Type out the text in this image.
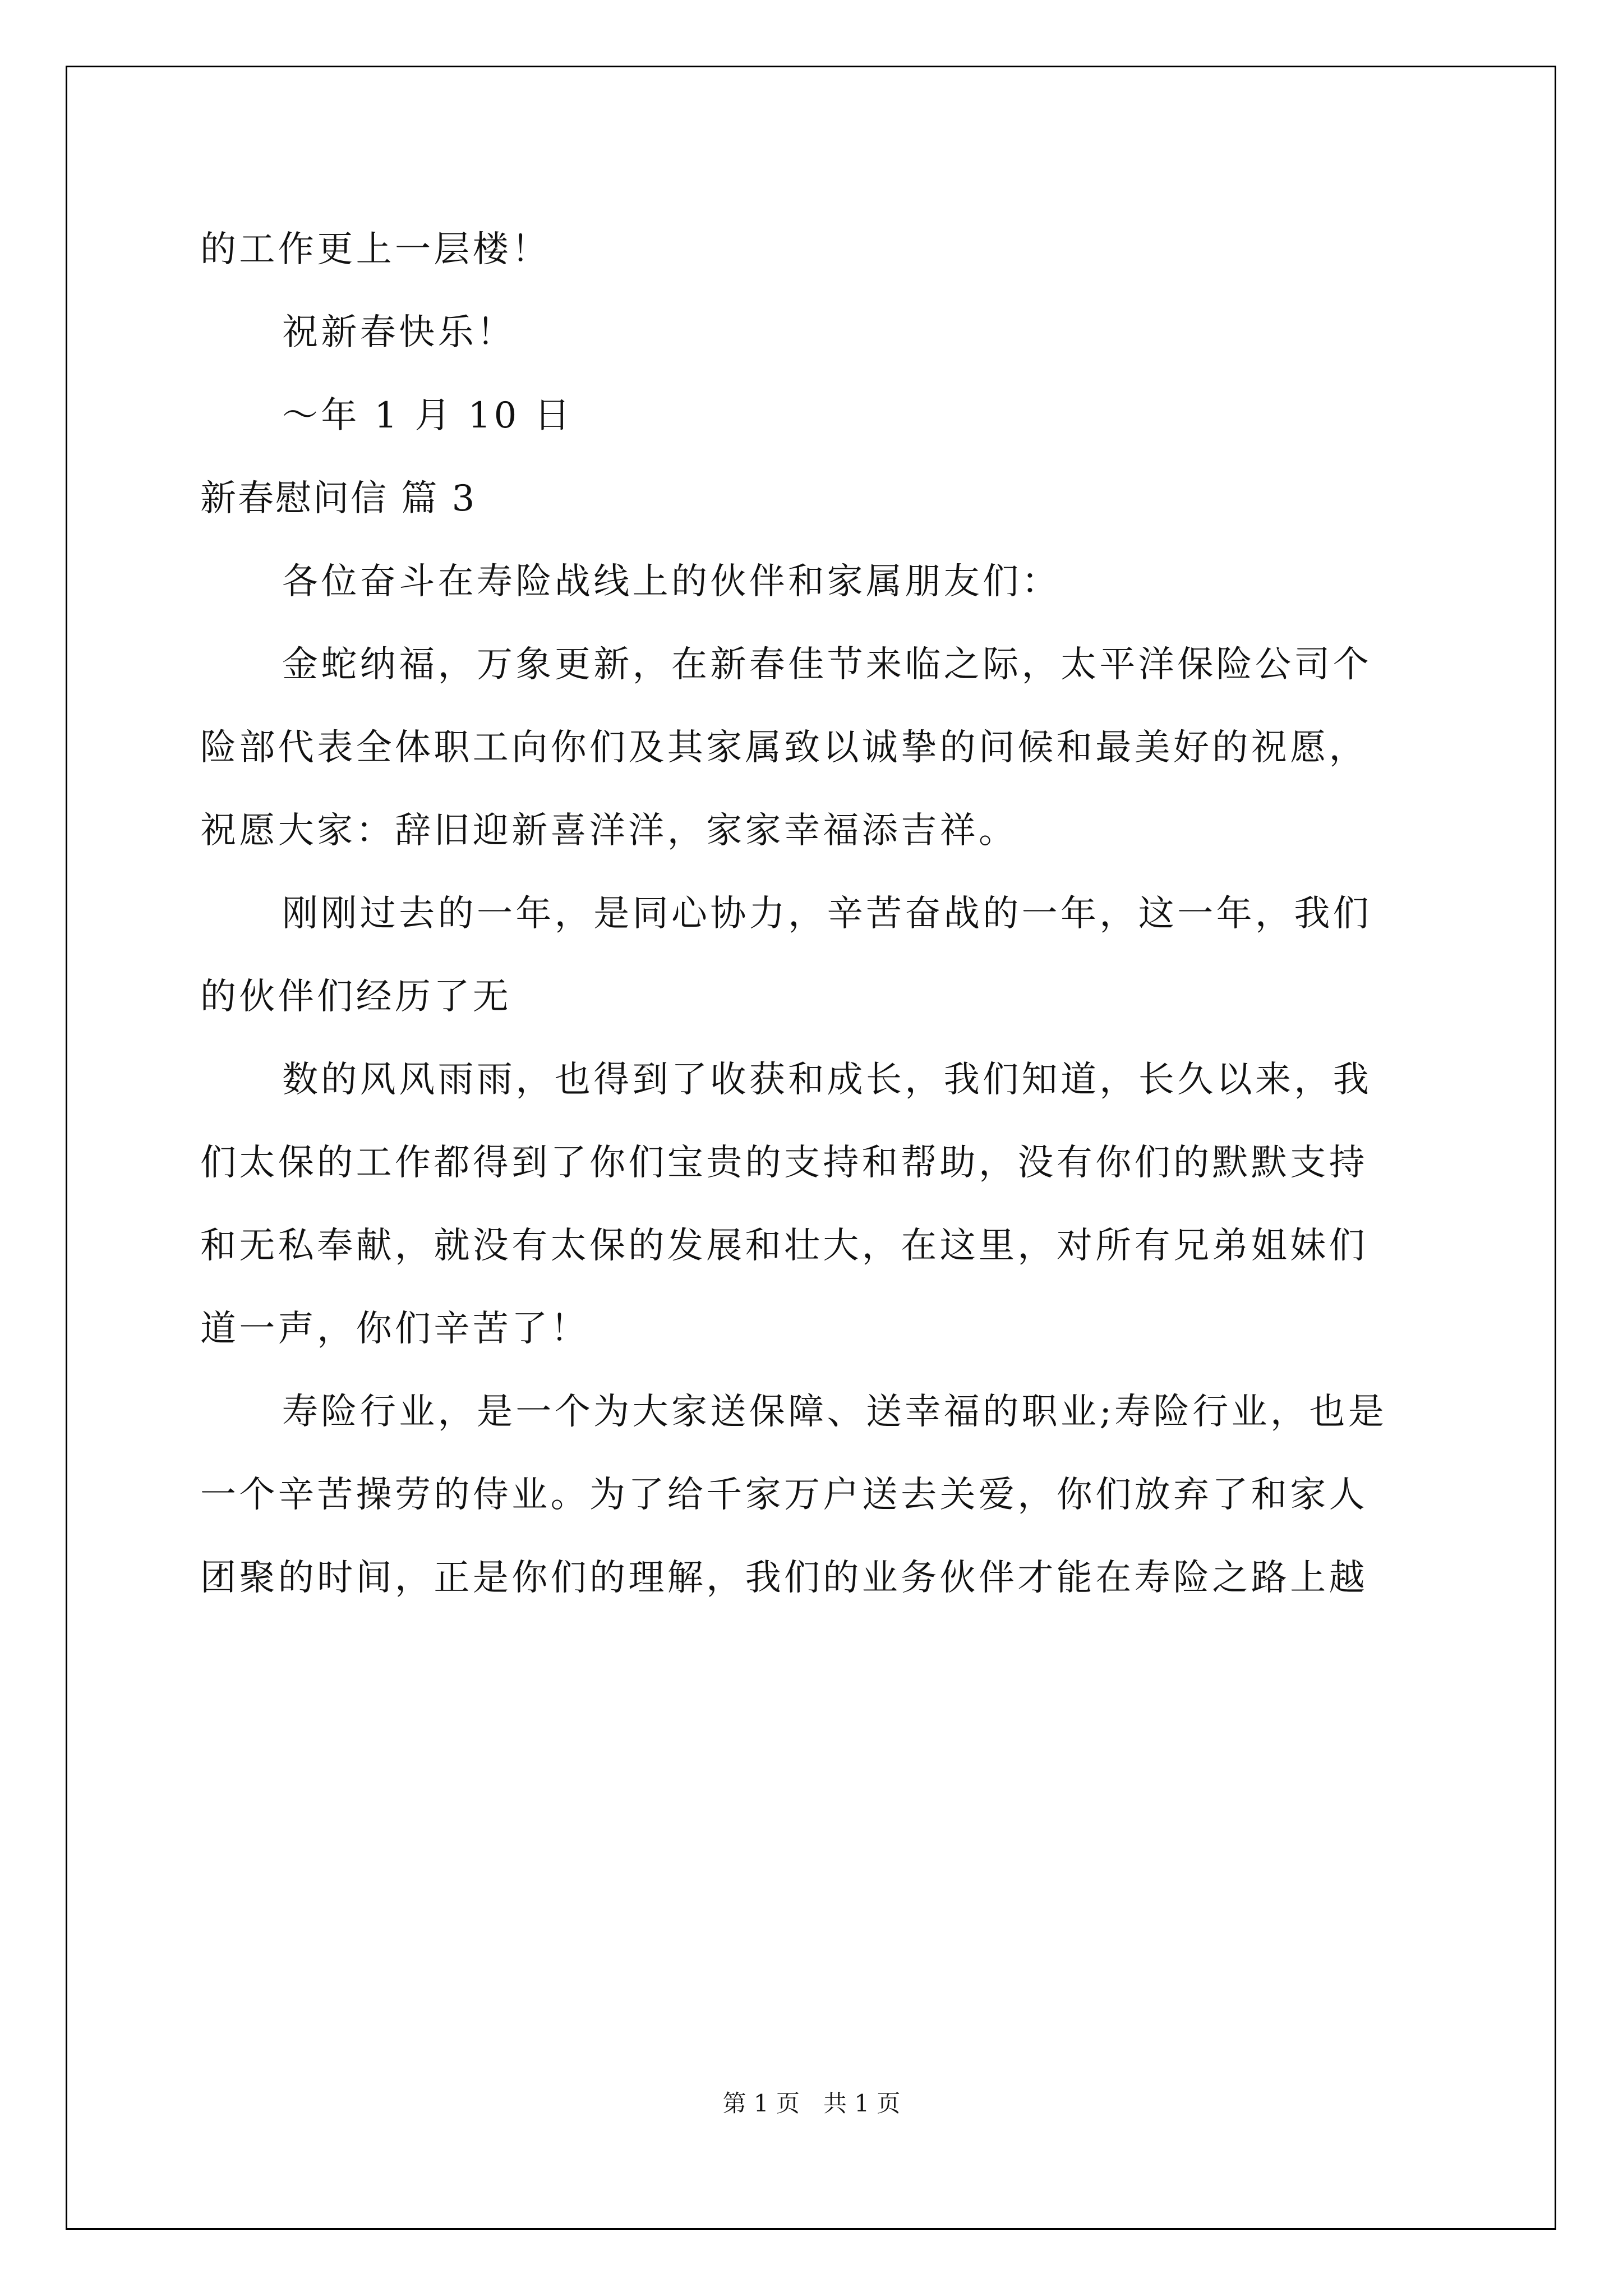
的工作更上一层楼！
祝新春快乐！
～年 1 月 10 日
新春慰问信 篇 3
各位奋斗在寿险战线上的伙伴和家属朋友们：
金蛇纳福，万象更新，在新春佳节来临之际，太平洋保险公司个
险部代表全体职工向你们及其家属致以诚挚的问候和最美好的祝愿，
祝愿大家：辞旧迎新喜洋洋，家家幸福添吉祥。
刚刚过去的一年，是同心协力，辛苦奋战的一年，这一年，我们
的伙伴们经历了无
数的风风雨雨，也得到了收获和成长，我们知道，长久以来，我
们太保的工作都得到了你们宝贵的支持和帮助，没有你们的默默支持
和无私奉献，就没有太保的发展和壮大，在这里，对所有兄弟姐妹们
道一声，你们辛苦了！
寿险行业，是一个为大家送保障、送幸福的职业;寿险行业，也是
一个辛苦操劳的侍业。为了给千家万户送去关爱，你们放弃了和家人
团聚的时间，正是你们的理解，我们的业务伙伴才能在寿险之路上越
第 1 页　共 1 页
